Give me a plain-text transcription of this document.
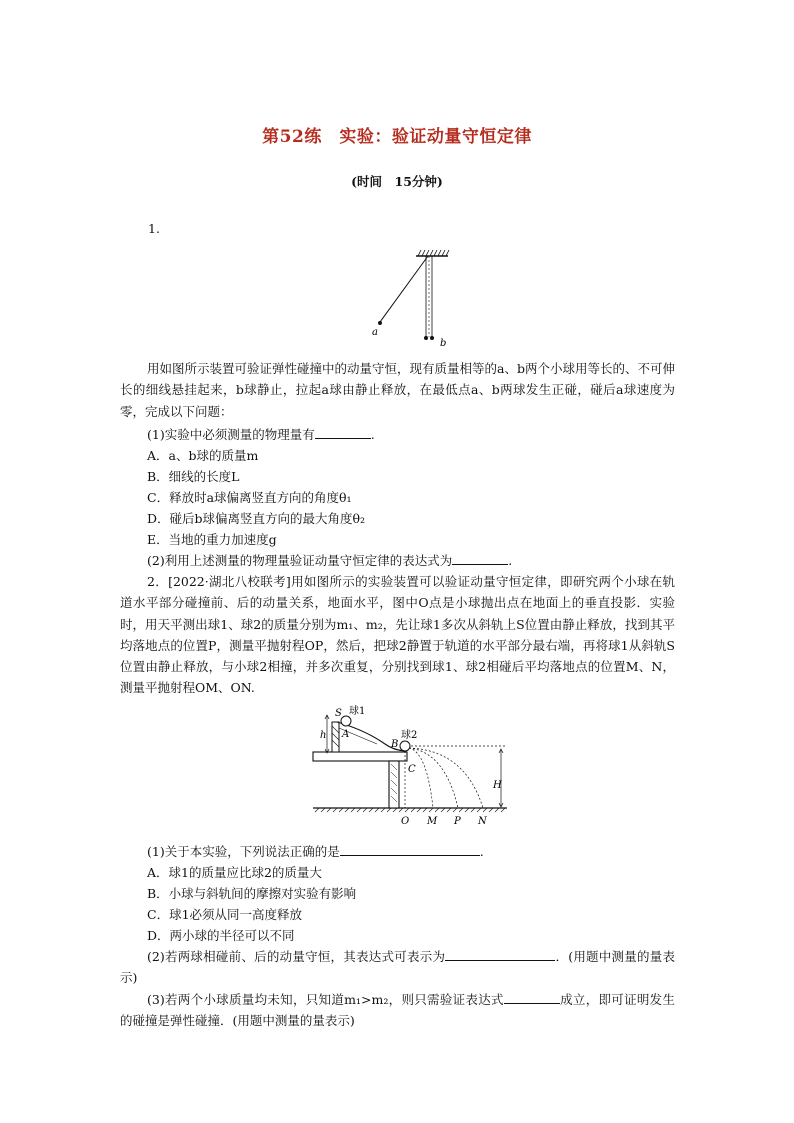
第52练　实验：验证动量守恒定律
(时间　15分钟)
1.
a
b
用如图所示装置可验证弹性碰撞中的动量守恒，现有质量相等的a、b两个小球用等长的、不可伸长的细线悬挂起来，b球静止，拉起a球由静止释放，在最低点a、b两球发生正碰，碰后a球速度为零，完成以下问题：
(1)实验中必须测量的物理量有	.
A．a、b球的质量m
B．细线的长度L
C．释放时a球偏离竖直方向的角度θ₁
D．碰后b球偏离竖直方向的最大角度θ₂
E．当地的重力加速度g
(2)利用上述测量的物理量验证动量守恒定律的表达式为	.
2．[2022·湖北八校联考]用如图所示的实验装置可以验证动量守恒定律，即研究两个小球在轨道水平部分碰撞前、后的动量关系，地面水平，图中O点是小球抛出点在地面上的垂直投影．实验时，用天平测出球1、球2的质量分别为m₁、m₂，先让球1多次从斜轨上S位置由静止释放，找到其平均落地点的位置P，测量平抛射程OP，然后，把球2静置于轨道的水平部分最右端，再将球1从斜轨S位置由静止释放，与小球2相撞，并多次重复，分别找到球1、球2相碰后平均落地点的位置M、N，测量平抛射程OM、ON.
S 球1
h A
B
球2
C
H
O M P N
(1)关于本实验，下列说法正确的是	.
A．球1的质量应比球2的质量大
B．小球与斜轨间的摩擦对实验有影响
C．球1必须从同一高度释放
D．两小球的半径可以不同
(2)若两球相碰前、后的动量守恒，其表达式可表示为	．(用题中测量的量表示)
(3)若两个小球质量均未知，只知道m₁>m₂，则只需验证表达式	成立，即可证明发生的碰撞是弹性碰撞．(用题中测量的量表示)
